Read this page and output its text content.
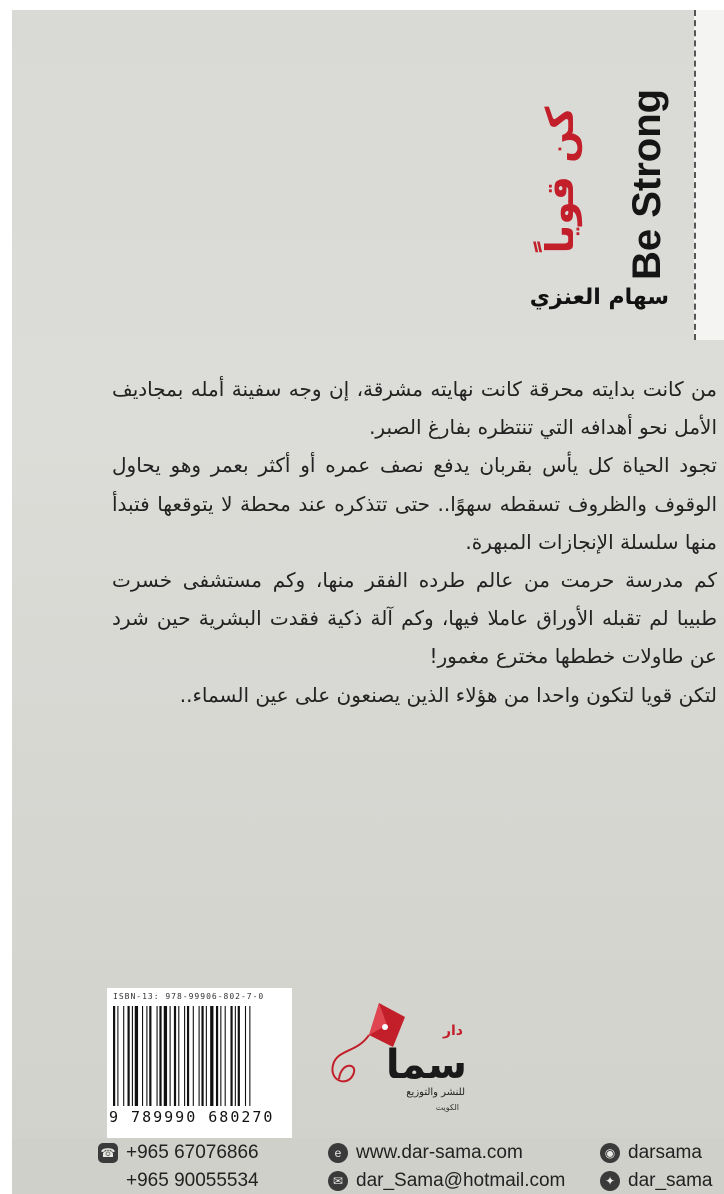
كن قوياً Be Strong
سهام العنزي

من كانت بدايته محرقة كانت نهايته مشرقة، إن وجه سفينة أمله بمجاديف الأمل نحو أهدافه التي تنتظره بفارغ الصبر.

تجود الحياة كل يأس بقربان يدفع نصف عمره أو أكثر بعمر وهو يحاول الوقوف والظروف تسقطه سهوًا.. حتى تتذكره عند محطة لا يتوقعها فتبدأ منها سلسلة الإنجازات المبهرة.

كم مدرسة حرمت من عالم طرده الفقر منها، وكم مستشفى خسرت طبيبا لم تقبله الأوراق عاملا فيها، وكم آلة ذكية فقدت البشرية حين شرد عن طاولات خططها مخترع مغمور!

لتكن قويا لتكون واحدا من هؤلاء الذين يصنعون على عين السماء..

ISBN-13: 978-99906-802-7-0
9 789990 680270
دار
سما
للنشر والتوزيع
الكويت
☎ +965 67076866
+965 90055534
e www.dar-sama.com
✉ dar_Sama@hotmail.com
◉ darsama
✦ dar_sama
